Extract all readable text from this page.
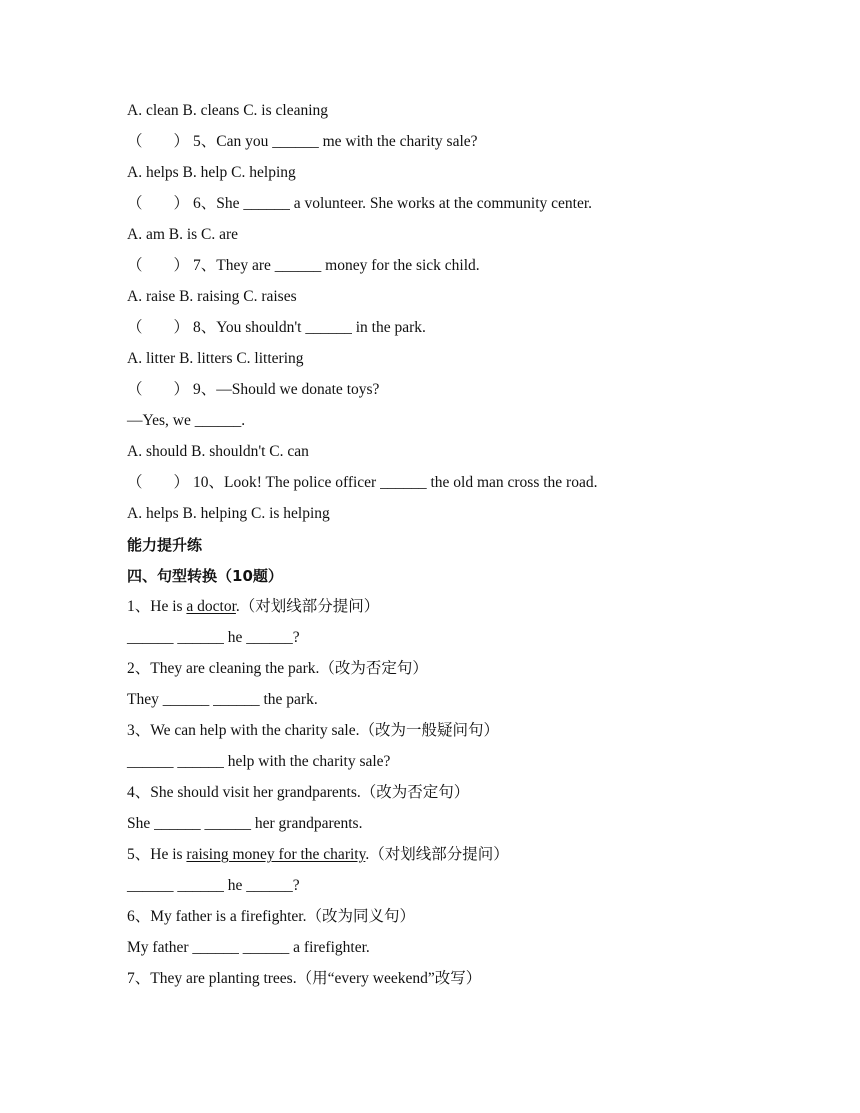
A. clean B. cleans C. is cleaning
（　　） 5、Can you ______ me with the charity sale?
A. helps B. help C. helping
（　　） 6、She ______ a volunteer. She works at the community center.
A. am B. is C. are
（　　） 7、They are ______ money for the sick child.
A. raise B. raising C. raises
（　　） 8、You shouldn't ______ in the park.
A. litter B. litters C. littering
（　　） 9、—Should we donate toys?
—Yes, we ______.
A. should B. shouldn't C. can
（　　） 10、Look! The police officer ______ the old man cross the road.
A. helps B. helping C. is helping
能力提升练
四、句型转换（10题）
1、He is a doctor.（对划线部分提问）
______ ______ he ______?
2、They are cleaning the park.（改为否定句）
They ______ ______ the park.
3、We can help with the charity sale.（改为一般疑问句）
______ ______ help with the charity sale?
4、She should visit her grandparents.（改为否定句）
She ______ ______ her grandparents.
5、He is raising money for the charity.（对划线部分提问）
______ ______ he ______?
6、My father is a firefighter.（改为同义句）
My father ______ ______ a firefighter.
7、They are planting trees.（用“every weekend”改写）
